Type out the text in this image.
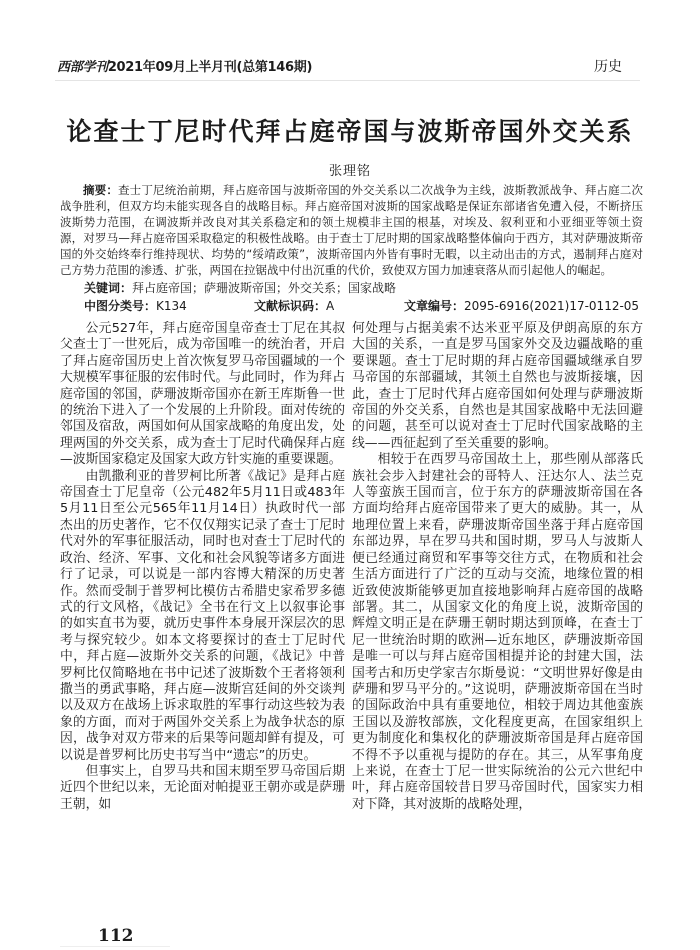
西部学刊2021年09月上半月刊(总第146期)	历史
论查士丁尼时代拜占庭帝国与波斯帝国外交关系
张理铭
摘要：查士丁尼统治前期，拜占庭帝国与波斯帝国的外交关系以二次战争为主线，波斯教派战争、拜占庭二次战争胜利，但双方均未能实现各自的战略目标。拜占庭帝国对波斯的国家战略是保证东部诸省免遭入侵，不断挤压波斯势力范围，在调波斯并改良对其关系稳定和的领土规模非主国的根基，对埃及、叙利亚和小亚细亚等领土资源，对罗马—拜占庭帝国采取稳定的积极性战略。由于查士丁尼时期的国家战略整体偏向于西方，其对萨珊波斯帝国的外交始终奉行维持现状、均势的“绥靖政策”，波斯帝国内外皆有事时无暇，以主动出击的方式，遏制拜占庭对己方势力范围的渗透、扩张，两国在拉锯战中付出沉重的代价，致使双方国力加速衰落从而引起他人的崛起。
关键词：拜占庭帝国；萨珊波斯帝国；外交关系；国家战略
中图分类号：K134	文献标识码：A	文章编号：2095-6916(2021)17-0112-05

公元527年，拜占庭帝国皇帝查士丁尼在其叔父查士丁一世死后，成为帝国唯一的统治者，开启了拜占庭帝国历史上首次恢复罗马帝国疆域的一个大规模军事征服的宏伟时代。与此同时，作为拜占庭帝国的邻国，萨珊波斯帝国亦在新王库斯鲁一世的统治下进入了一个发展的上升阶段。面对传统的邻国及宿敌，两国如何从国家战略的角度出发，处理两国的外交关系，成为查士丁尼时代确保拜占庭—波斯国家稳定及国家大政方针实施的重要课题。

由凯撒利亚的普罗柯比所著《战记》是拜占庭帝国查士丁尼皇帝（公元482年5月11日或483年5月11日至公元565年11月14日）执政时代一部杰出的历史著作，它不仅仅翔实记录了查士丁尼时代对外的军事征服活动，同时也对查士丁尼时代的政治、经济、军事、文化和社会风貌等诸多方面进行了记录，可以说是一部内容博大精深的历史著作。然而受制于普罗柯比模仿古希腊史家希罗多德式的行文风格，《战记》全书在行文上以叙事论事的如实直书为要，就历史事件本身展开深层次的思考与探究较少。如本文将要探讨的查士丁尼时代中，拜占庭—波斯外交关系的问题，《战记》中普罗柯比仅简略地在书中记述了波斯数个王者将领利撒当的勇武事略，拜占庭—波斯宫廷间的外交谈判以及双方在战场上诉求取胜的军事行动这些较为表象的方面，而对于两国外交关系上为战争状态的原因，战争对双方带来的后果等问题却鲜有提及，可以说是普罗柯比历史书写当中“遗忘”的历史。

但事实上，自罗马共和国末期至罗马帝国后期近四个世纪以来，无论面对帕提亚王朝亦或是萨珊王朝，如

何处理与占据美索不达米亚平原及伊朗高原的东方大国的关系，一直是罗马国家外交及边疆战略的重要课题。查士丁尼时期的拜占庭帝国疆域继承自罗马帝国的东部疆域，其领土自然也与波斯接壤，因此，查士丁尼时代拜占庭帝国如何处理与萨珊波斯帝国的外交关系，自然也是其国家战略中无法回避的问题，甚至可以说对查士丁尼时代国家战略的主线——西征起到了至关重要的影响。

相较于在西罗马帝国故土上，那些刚从部落氏族社会步入封建社会的哥特人、汪达尔人、法兰克人等蛮族王国而言，位于东方的萨珊波斯帝国在各方面均给拜占庭帝国带来了更大的威胁。其一，从地理位置上来看，萨珊波斯帝国坐落于拜占庭帝国东部边界，早在罗马共和国时期，罗马人与波斯人便已经通过商贸和军事等交往方式，在物质和社会生活方面进行了广泛的互动与交流，地缘位置的相近致使波斯能够更加直接地影响拜占庭帝国的战略部署。其二，从国家文化的角度上说，波斯帝国的辉煌文明正是在萨珊王朝时期达到顶峰，在查士丁尼一世统治时期的欧洲—近东地区，萨珊波斯帝国是唯一可以与拜占庭帝国相提并论的封建大国，法国考古和历史学家吉尔斯曼说：“文明世界好像是由萨珊和罗马平分的。”这说明，萨珊波斯帝国在当时的国际政治中具有重要地位，相较于周边其他蛮族王国以及游牧部族，文化程度更高，在国家组织上更为制度化和集权化的萨珊波斯帝国是拜占庭帝国不得不予以重视与提防的存在。其三，从军事角度上来说，在查士丁尼一世实际统治的公元六世纪中叶，拜占庭帝国较昔日罗马帝国时代，国家实力相对下降，其对波斯的战略处理，

112
